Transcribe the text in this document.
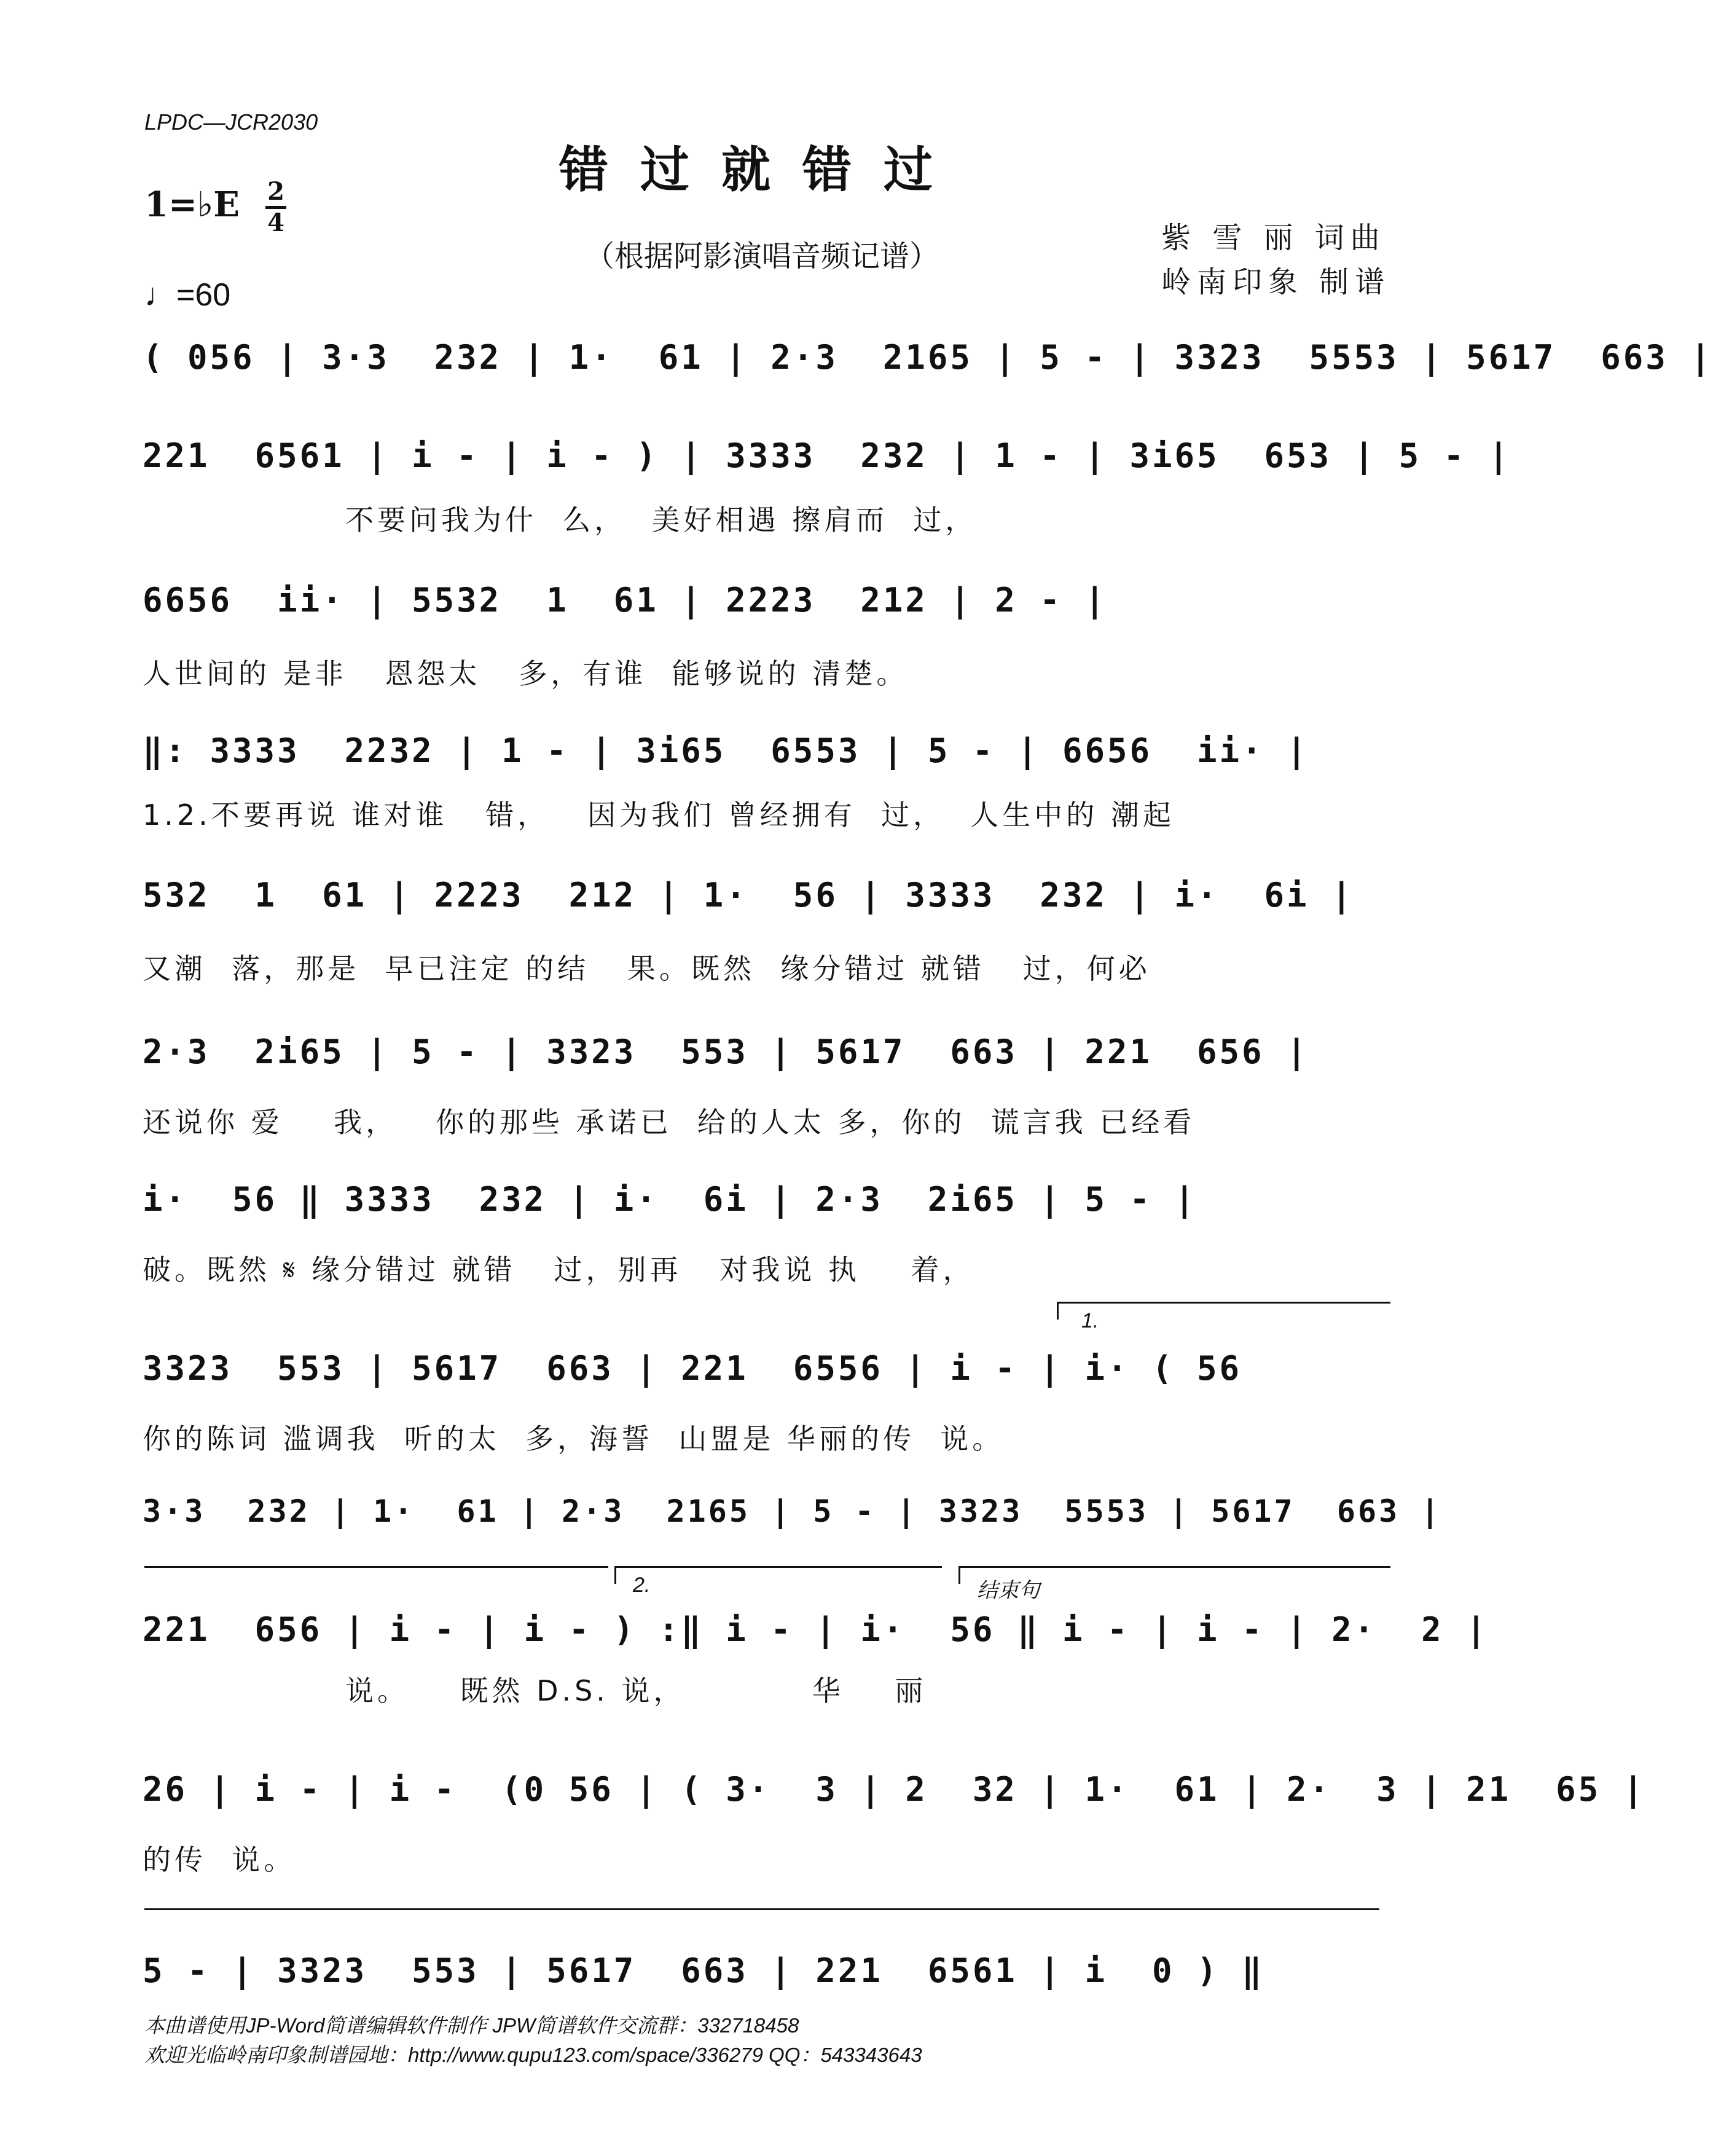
LPDC—JCR2030
错过就错过
1=♭E 2
4
（根据阿影演唱音频记谱）
紫 雪 丽 词曲
岭南印象 制谱
♩=60
( 056 | 3·3  232 | 1·  61 | 2·3  2165 | 5 - | 3323  5553 | 5617  663 |
221  6561 | i - | i - ) | 3333  232 | 1 - | 3i65  653 | 5 - |
不要问我为什  么，  美好相遇 擦肩而  过，
6656  ii· | 5532  1  61 | 2223  212 | 2 - |
人世间的 是非   恩怨太   多，有谁  能够说的 清楚。
‖: 3333  2232 | 1 - | 3i65  6553 | 5 - | 6656  ii· |
1.2.不要再说 谁对谁   错，   因为我们 曾经拥有  过，  人生中的 潮起
532  1  61 | 2223  212 | 1·  56 | 3333  232 | i·  6i |
又潮  落，那是  早已注定 的结   果。既然  缘分错过 就错   过，何必
2·3  2i65 | 5 - | 3323  553 | 5617  663 | 221  656 |
还说你 爱    我，   你的那些 承诺已  给的人太 多，你的  谎言我 已经看
i·  56 ‖ 3333  232 | i·  6i | 2·3  2i65 | 5 - |
破。既然 𝄋 缘分错过 就错   过，别再   对我说 执    着，
1.
3323  553 | 5617  663 | 221  6556 | i - | i· ( 56
你的陈词 滥调我  听的太  多，海誓  山盟是 华丽的传  说。
3·3  232 | 1·  61 | 2·3  2165 | 5 - | 3323  5553 | 5617  663 |
2.	结束句
221  656 | i - | i - ) :‖ i - | i·  56 ‖ i - | i - | 2·  2 |
说。    既然 D.S. 说，          华    丽
26 | i - | i -  (0 56 | ( 3·  3 | 2  32 | 1·  61 | 2·  3 | 21  65 |
的传  说。
5 - | 3323  553 | 5617  663 | 221  6561 | i  0 ) ‖
本曲谱使用JP-Word简谱编辑软件制作 JPW简谱软件交流群：332718458
欢迎光临岭南印象制谱园地：http://www.qupu123.com/space/336279 QQ：543343643
